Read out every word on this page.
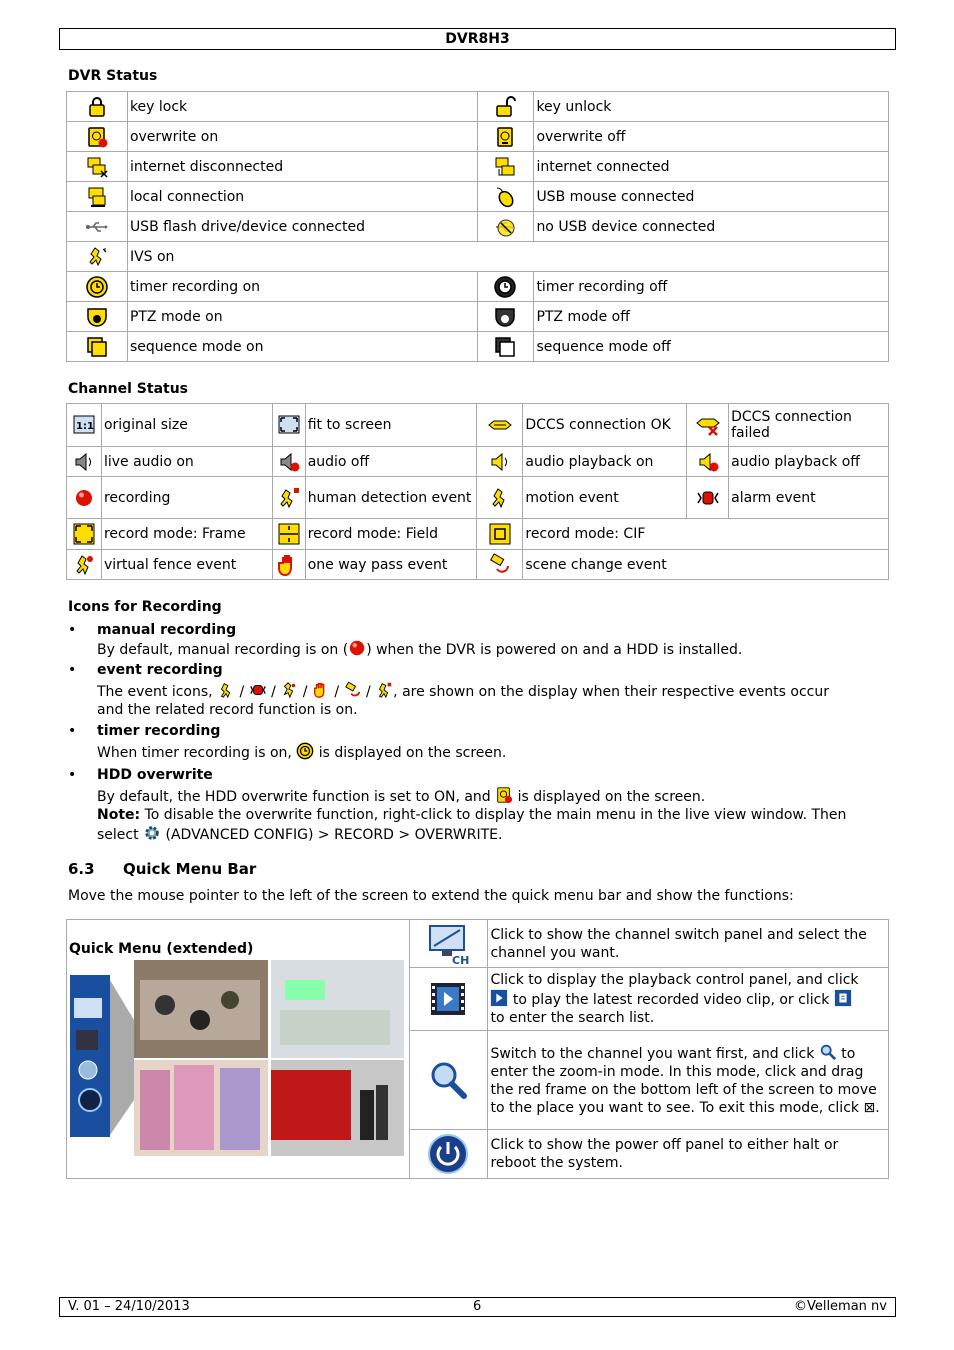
DVR8H3
DVR Status
	key lock		key unlock
	overwrite on		overwrite off
	internet disconnected		internet connected
	local connection		USB mouse connected
	USB flash drive/device connected		no USB device connected
	IVS on		
	timer recording on		timer recording off
	PTZ mode on		PTZ mode off
	sequence mode on		sequence mode off
Channel Status
1:1	original size		fit to screen		DCCS connection OK		DCCS connection failed
	live audio on		audio off		audio playback on		audio playback off
	recording		human detection event		motion event		alarm event
	record mode: Frame		record mode: Field		record mode: CIF		
	virtual fence event		one way pass event		scene change event		
Icons for Recording
• manual recording
By default, manual recording is on ( ) when the DVR is powered on and a HDD is installed.
• event recording
The event icons, / / / / / , are shown on the display when their respective events occur
and the related record function is on.
• timer recording
When timer recording is on, is displayed on the screen.
• HDD overwrite
By default, the HDD overwrite function is set to ON, and is displayed on the screen.
Note: To disable the overwrite function, right-click to display the main menu in the live view window. Then
select (ADVANCED CONFIG) > RECORD > OVERWRITE.
6.3 Quick Menu Bar
Move the mouse pointer to the left of the screen to extend the quick menu bar and show the functions:
Quick Menu (extended)	CH	Click to show the channel switch panel and select the channel you want.
	Click to display the playback control panel, and click
to play the latest recorded video clip, or click
to enter the search list.
	Switch to the channel you want first, and click to enter the zoom-in mode. In this mode, click and drag the red frame on the bottom left of the screen to move to the place you want to see. To exit this mode, click ⊠.
	Click to show the power off panel to either halt or reboot the system.
V. 01 – 24/10/2013	6	©Velleman nv
